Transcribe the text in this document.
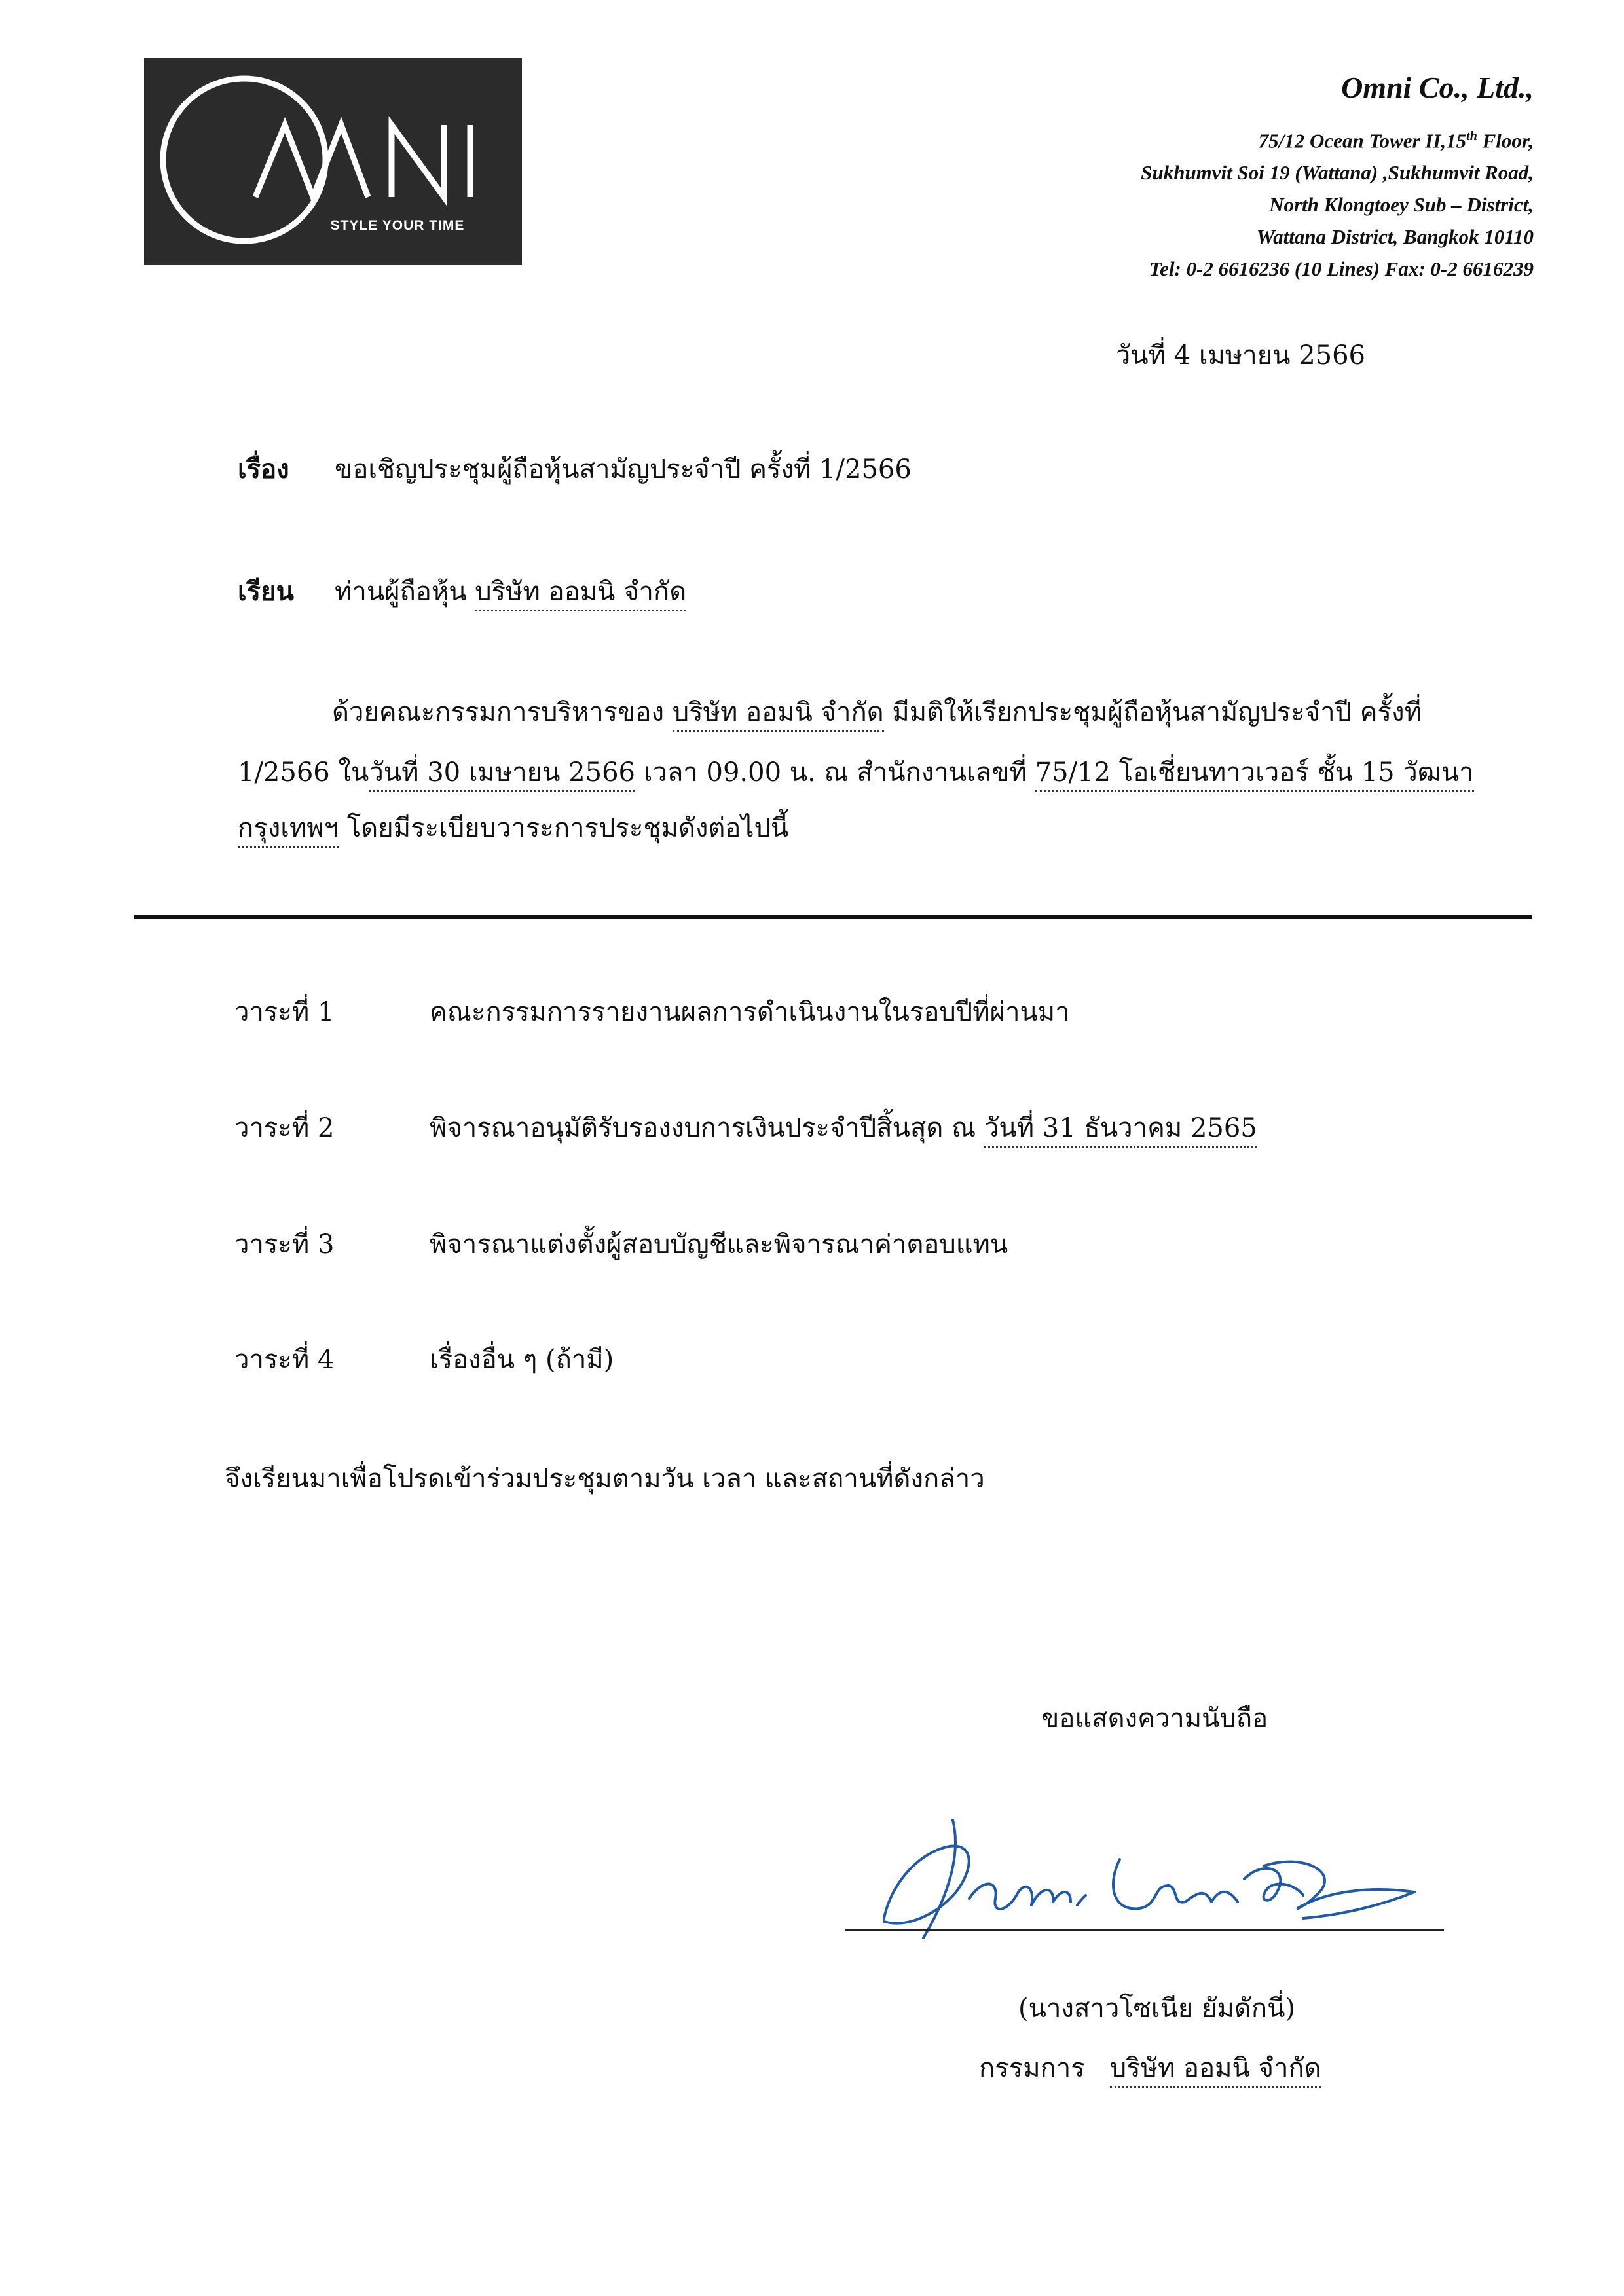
STYLE YOUR TIME
Omni Co., Ltd.,
75/12 Ocean Tower II,15th Floor,
Sukhumvit Soi 19 (Wattana) ,Sukhumvit Road,
North Klongtoey Sub – District,
Wattana District, Bangkok 10110
Tel: 0-2 6616236 (10 Lines) Fax: 0-2 6616239
วันที่ 4 เมษายน 2566
เรื่อง ขอเชิญประชุมผู้ถือหุ้นสามัญประจำปี ครั้งที่ 1/2566
เรียน ท่านผู้ถือหุ้น บริษัท ออมนิ จำกัด
ด้วยคณะกรรมการบริหารของ บริษัท ออมนิ จำกัด มีมติให้เรียกประชุมผู้ถือหุ้นสามัญประจำปี ครั้งที่
1/2566 ในวันที่ 30 เมษายน 2566 เวลา 09.00 น. ณ สำนักงานเลขที่ 75/12 โอเชี่ยนทาวเวอร์ ชั้น 15 วัฒนา
กรุงเทพฯ โดยมีระเบียบวาระการประชุมดังต่อไปนี้
วาระที่ 1	คณะกรรมการรายงานผลการดำเนินงานในรอบปีที่ผ่านมา
วาระที่ 2	พิจารณาอนุมัติรับรองงบการเงินประจำปีสิ้นสุด ณ วันที่ 31 ธันวาคม 2565
วาระที่ 3	พิจารณาแต่งตั้งผู้สอบบัญชีและพิจารณาค่าตอบแทน
วาระที่ 4	เรื่องอื่น ๆ (ถ้ามี)
จึงเรียนมาเพื่อโปรดเข้าร่วมประชุมตามวัน เวลา และสถานที่ดังกล่าว
ขอแสดงความนับถือ
(นางสาวโซเนีย ยัมดักนี่)
กรรมการ บริษัท ออมนิ จำกัด
